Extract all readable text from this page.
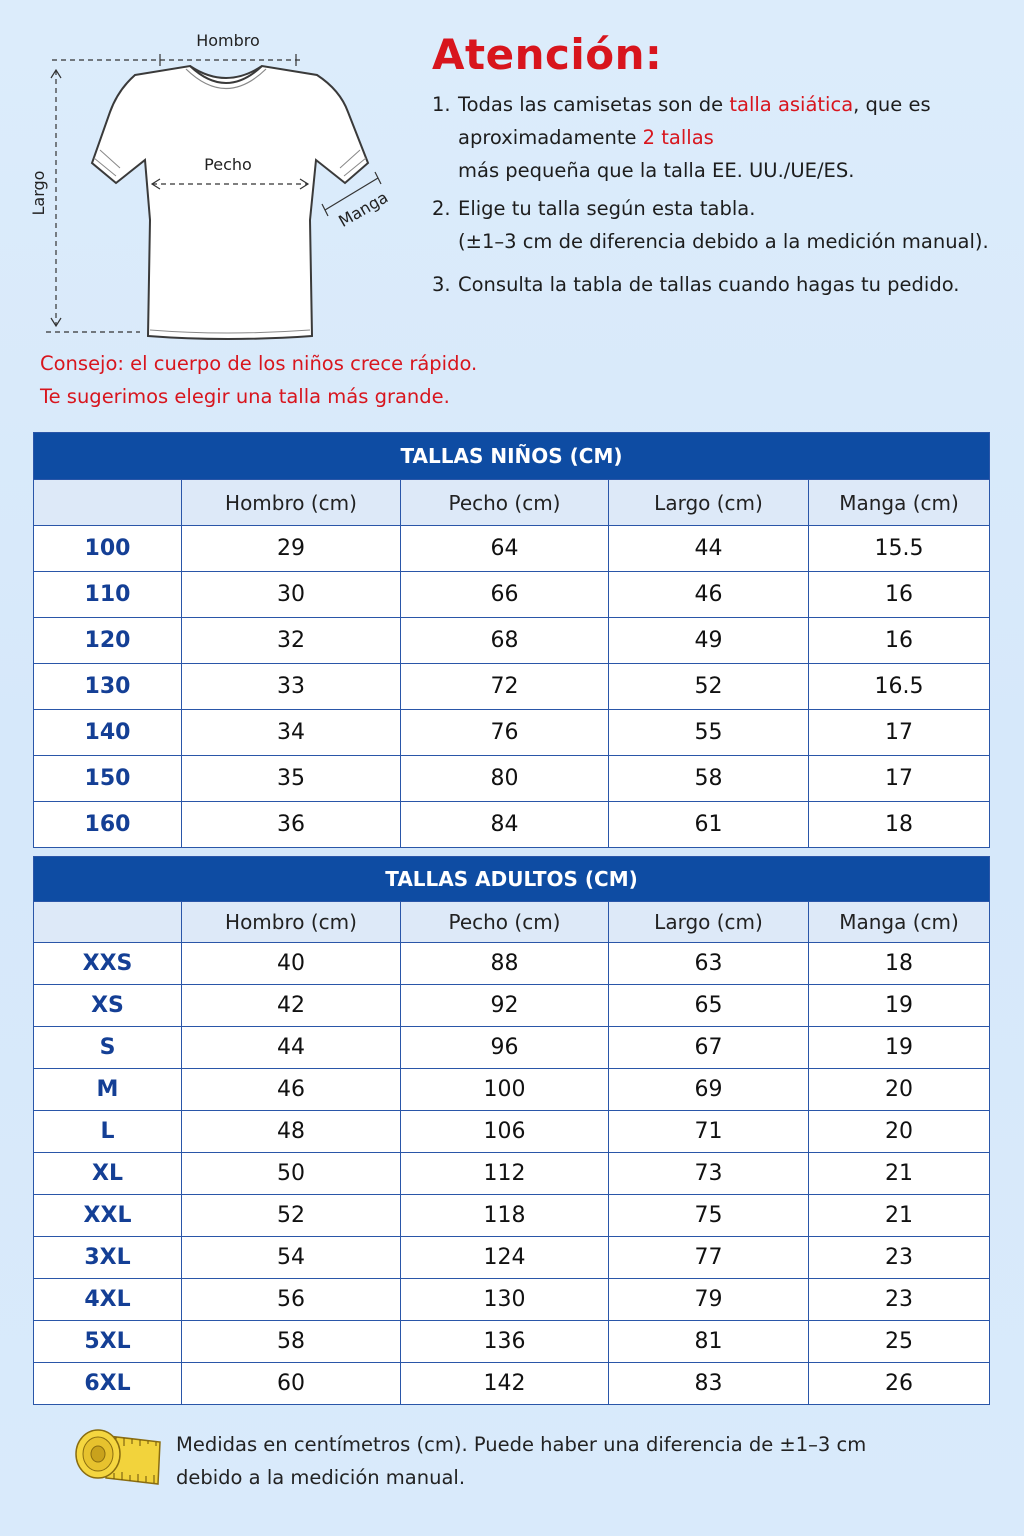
Hombro
Pecho
Largo	Manga
Atención:
1. Todas las camisetas son de talla asiática, que es
aproximadamente 2 tallas
más pequeña que la talla EE. UU./UE/ES.
2. Elige tu talla según esta tabla.
(±1–3 cm de diferencia debido a la medición manual).
3. Consulta la tabla de tallas cuando hagas tu pedido.
Consejo: el cuerpo de los niños crece rápido.
Te sugerimos elegir una talla más grande.
TALLAS NIÑOS (CM)				
	Hombro (cm)	Pecho (cm)	Largo (cm)	Manga (cm)
100	29	64	44	15.5
110	30	66	46	16
120	32	68	49	16
130	33	72	52	16.5
140	34	76	55	17
150	35	80	58	17
160	36	84	61	18
TALLAS ADULTOS (CM)				
	Hombro (cm)	Pecho (cm)	Largo (cm)	Manga (cm)
XXS	40	88	63	18
XS	42	92	65	19
S	44	96	67	19
M	46	100	69	20
L	48	106	71	20
XL	50	112	73	21
XXL	52	118	75	21
3XL	54	124	77	23
4XL	56	130	79	23
5XL	58	136	81	25
6XL	60	142	83	26
Medidas en centímetros (cm). Puede haber una diferencia de ±1–3 cm
debido a la medición manual.
